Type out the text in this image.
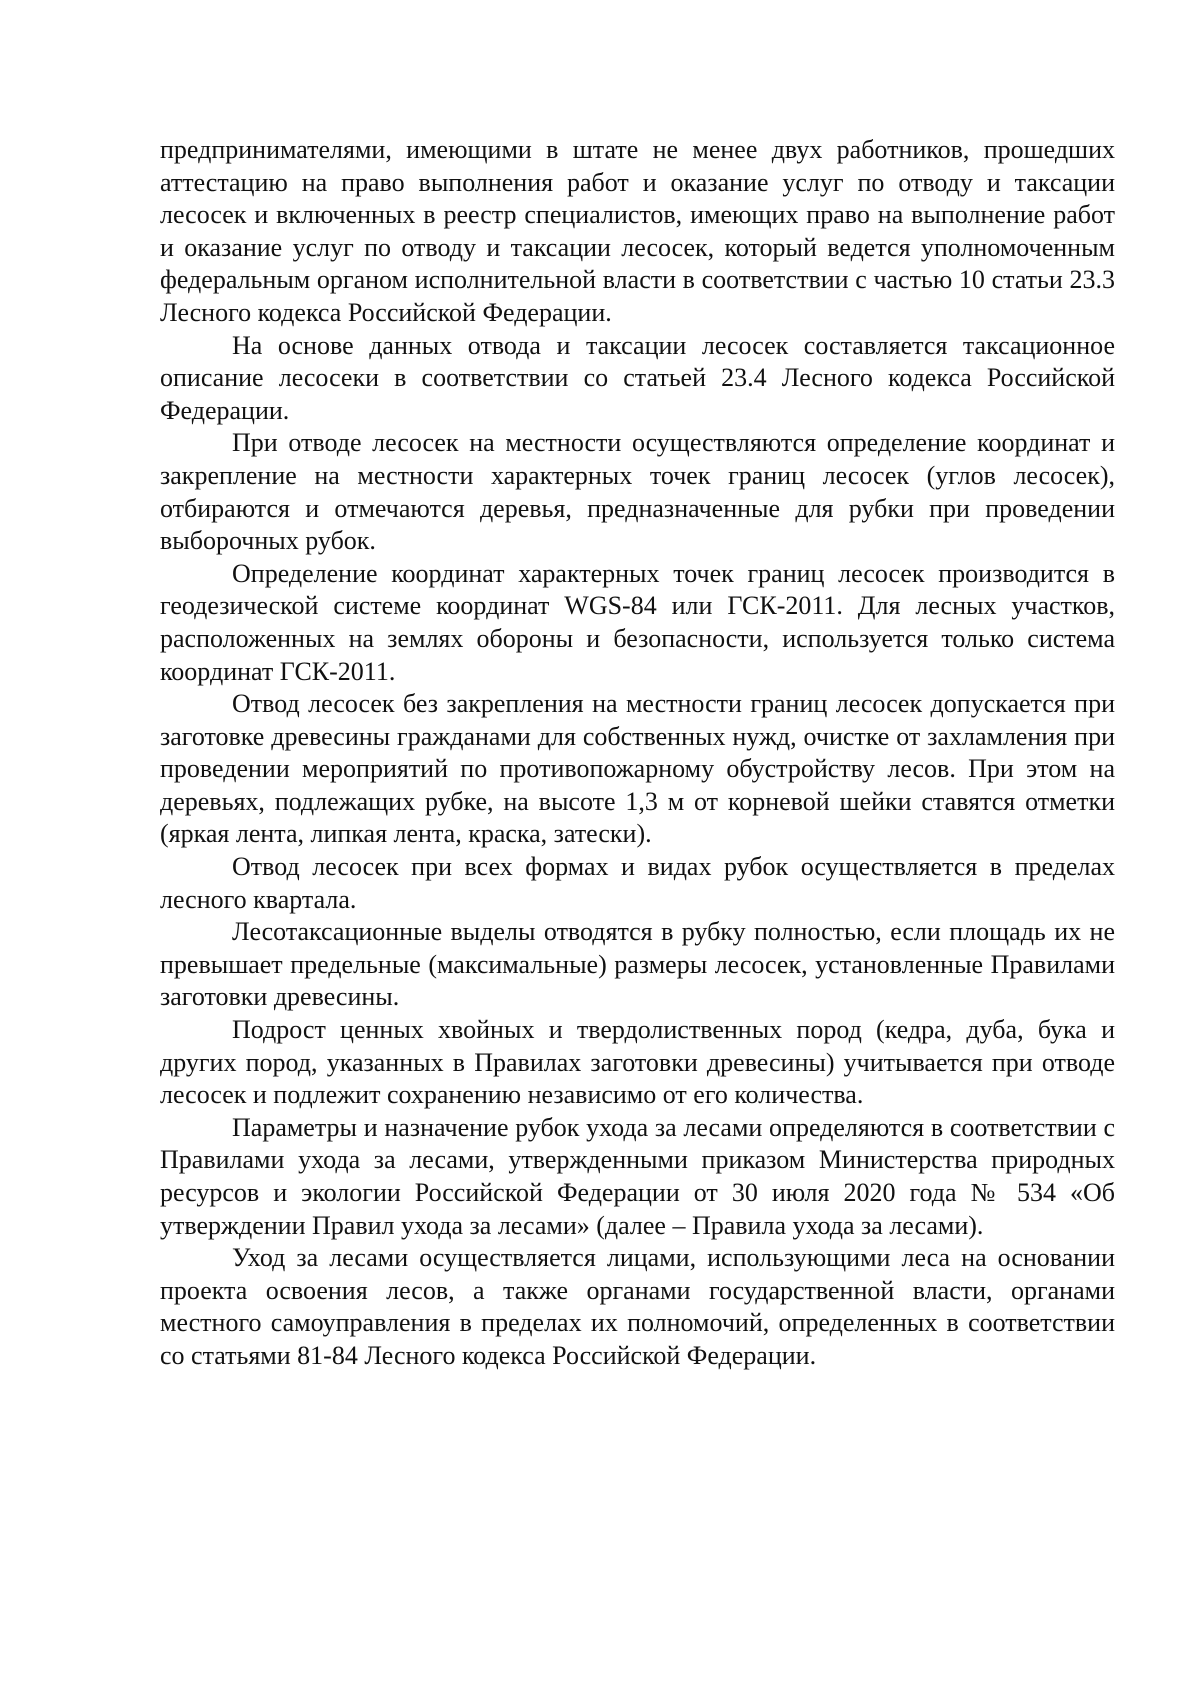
предпринимателями, имеющими в штате не менее двух работников, прошедших аттестацию на право выполнения работ и оказание услуг по отводу и таксации лесосек и включенных в реестр специалистов, имеющих право на выполнение работ и оказание услуг по отводу и таксации лесосек, который ведется уполномоченным федеральным органом исполнительной власти в соответствии с частью 10 статьи 23.3 Лесного кодекса Российской Федерации.

На основе данных отвода и таксации лесосек составляется таксационное описание лесосеки в соответствии со статьей 23.4 Лесного кодекса Российской Федерации.

При отводе лесосек на местности осуществляются определение координат и закрепление на местности характерных точек границ лесосек (углов лесосек), отбираются и отмечаются деревья, предназначенные для рубки при проведении выборочных рубок.

Определение координат характерных точек границ лесосек производится в геодезической системе координат WGS-84 или ГСК-2011. Для лесных участков, расположенных на землях обороны и безопасности, используется только система координат ГСК-2011.

Отвод лесосек без закрепления на местности границ лесосек допускается при заготовке древесины гражданами для собственных нужд, очистке от захламления при проведении мероприятий по противопожарному обустройству лесов. При этом на деревьях, подлежащих рубке, на высоте 1,3 м от корневой шейки ставятся отметки (яркая лента, липкая лента, краска, затески).

Отвод лесосек при всех формах и видах рубок осуществляется в пределах лесного квартала.

Лесотаксационные выделы отводятся в рубку полностью, если площадь их не превышает предельные (максимальные) размеры лесосек, установленные Правилами заготовки древесины.

Подрост ценных хвойных и твердолиственных пород (кедра, дуба, бука и других пород, указанных в Правилах заготовки древесины) учитывается при отводе лесосек и подлежит сохранению независимо от его количества.

Параметры и назначение рубок ухода за лесами определяются в соответствии с Правилами ухода за лесами, утвержденными приказом Министерства природных ресурсов и экологии Российской Федерации от 30 июля 2020 года № 534 «Об утверждении Правил ухода за лесами» (далее – Правила ухода за лесами).

Уход за лесами осуществляется лицами, использующими леса на основании проекта освоения лесов, а также органами государственной власти, органами местного самоуправления в пределах их полномочий, определенных в соответствии со статьями 81-84 Лесного кодекса Российской Федерации.
